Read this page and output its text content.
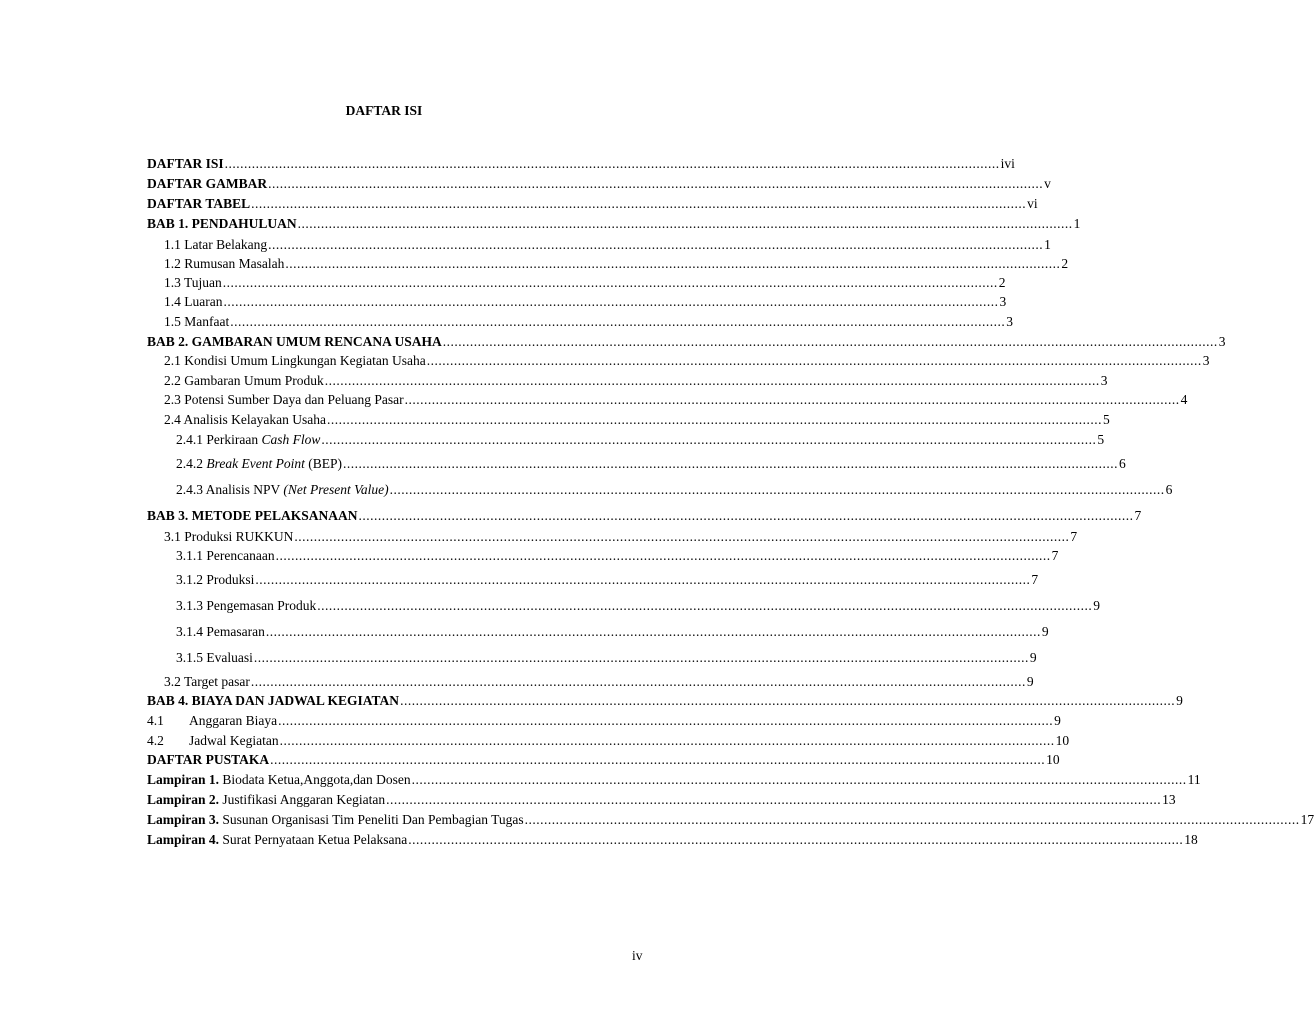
DAFTAR ISI
DAFTAR ISI ........................................................................................................................................................................................................ ivi
DAFTAR GAMBAR ........................................................................................................................................................................................................ v
DAFTAR TABEL ........................................................................................................................................................................................................ vi
BAB 1. PENDAHULUAN ........................................................................................................................................................................................................ 1
1.1 Latar Belakang ........................................................................................................................................................................................................ 1
1.2 Rumusan Masalah ........................................................................................................................................................................................................ 2
1.3 Tujuan ........................................................................................................................................................................................................ 2
1.4 Luaran ........................................................................................................................................................................................................ 3
1.5 Manfaat ........................................................................................................................................................................................................ 3
BAB 2. GAMBARAN UMUM RENCANA USAHA ........................................................................................................................................................................................................ 3
2.1 Kondisi Umum Lingkungan Kegiatan Usaha ........................................................................................................................................................................................................ 3
2.2 Gambaran Umum Produk ........................................................................................................................................................................................................ 3
2.3 Potensi Sumber Daya dan Peluang Pasar ........................................................................................................................................................................................................ 4
2.4 Analisis Kelayakan Usaha ........................................................................................................................................................................................................ 5
2.4.1 Perkiraan Cash Flow ........................................................................................................................................................................................................ 5
2.4.2 Break Event Point (BEP) ........................................................................................................................................................................................................ 6
2.4.3 Analisis NPV (Net Present Value) ........................................................................................................................................................................................................ 6
BAB 3. METODE PELAKSANAAN ........................................................................................................................................................................................................ 7
3.1 Produksi RUKKUN ........................................................................................................................................................................................................ 7
3.1.1 Perencanaan ........................................................................................................................................................................................................ 7
3.1.2 Produksi ........................................................................................................................................................................................................ 7
3.1.3 Pengemasan Produk ........................................................................................................................................................................................................ 9
3.1.4 Pemasaran ........................................................................................................................................................................................................ 9
3.1.5 Evaluasi ........................................................................................................................................................................................................ 9
3.2 Target pasar ........................................................................................................................................................................................................ 9
BAB 4. BIAYA DAN JADWAL KEGIATAN ........................................................................................................................................................................................................ 9
4.1 Anggaran Biaya ........................................................................................................................................................................................................ 9
4.2 Jadwal Kegiatan ........................................................................................................................................................................................................ 10
DAFTAR PUSTAKA ........................................................................................................................................................................................................ 10
Lampiran 1. Biodata Ketua,Anggota,dan Dosen ........................................................................................................................................................................................................ 11
Lampiran 2. Justifikasi Anggaran Kegiatan ........................................................................................................................................................................................................ 13
Lampiran 3. Susunan Organisasi Tim Peneliti Dan Pembagian Tugas ........................................................................................................................................................................................................ 17
Lampiran 4. Surat Pernyataan Ketua Pelaksana ........................................................................................................................................................................................................ 18
iv
